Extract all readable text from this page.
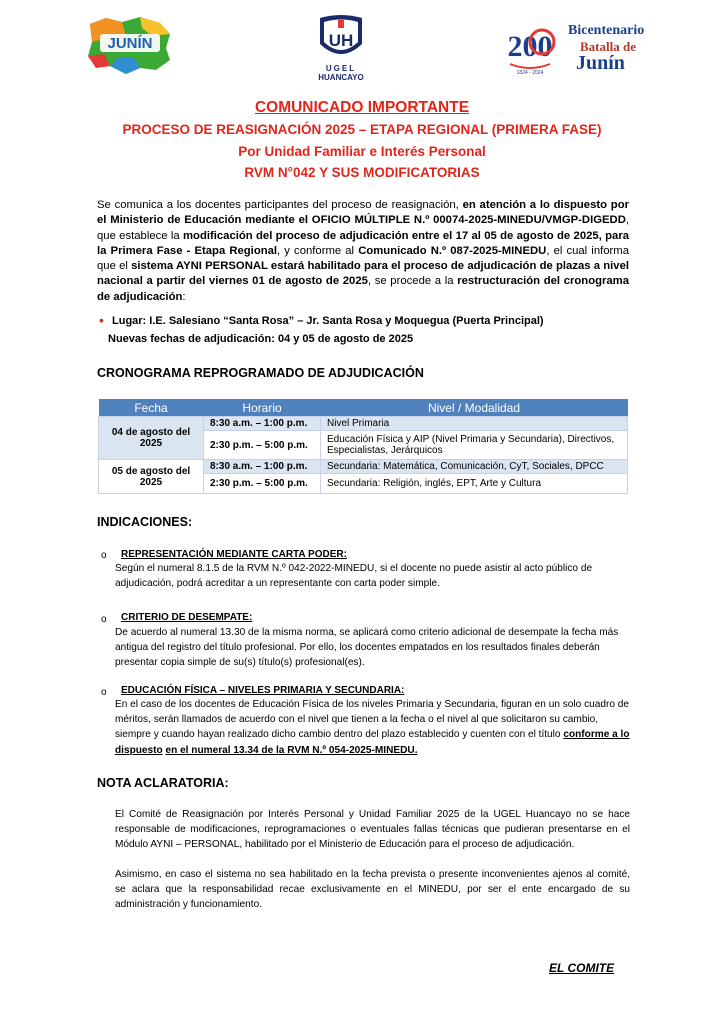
JUNÍN	UH
UGEL
HUANCAYO
200
1824 - 2024
Bicentenario
Batalla de
Junín
COMUNICADO IMPORTANTE
PROCESO DE REASIGNACIÓN 2025 – ETAPA REGIONAL (PRIMERA FASE)
Por Unidad Familiar e Interés Personal
RVM N°042 Y SUS MODIFICATORIAS
Se comunica a los docentes participantes del proceso de reasignación, en atención a lo dispuesto por el Ministerio de Educación mediante el OFICIO MÚLTIPLE N.º 00074-2025-MINEDU/VMGP-DIGEDD, que establece la modificación del proceso de adjudicación entre el 17 al 05 de agosto de 2025, para la Primera Fase - Etapa Regional, y conforme al Comunicado N.º 087-2025-MINEDU, el cual informa que el sistema AYNI PERSONAL estará habilitado para el proceso de adjudicación de plazas a nivel nacional a partir del viernes 01 de agosto de 2025, se procede a la restructuración del cronograma de adjudicación:
• Lugar: I.E. Salesiano “Santa Rosa” – Jr. Santa Rosa y Moquegua (Puerta Principal)
Nuevas fechas de adjudicación: 04 y 05 de agosto de 2025
CRONOGRAMA REPROGRAMADO DE ADJUDICACIÓN
Fecha	Horario	Nivel / Modalidad
04 de agosto del 2025	8:30 a.m. – 1:00 p.m.	Nivel Primaria
	2:30 p.m. – 5:00 p.m.	Educación Física y AIP (Nivel Primaria y Secundaria), Directivos, Especialistas, Jerárquicos
05 de agosto del 2025	8:30 a.m. – 1:00 p.m.	Secundaria: Matemática, Comunicación, CyT, Sociales, DPCC
	2:30 p.m. – 5:00 p.m.	Secundaria: Religión, inglés, EPT, Arte y Cultura
INDICACIONES:
o REPRESENTACIÓN MEDIANTE CARTA PODER:
Según el numeral 8.1.5 de la RVM N.º 042-2022-MINEDU, si el docente no puede asistir al acto público de adjudicación, podrá acreditar a un representante con carta poder simple.
o CRITERIO DE DESEMPATE:
De acuerdo al numeral 13.30 de la misma norma, se aplicará como criterio adicional de desempate la fecha más antigua del registro del título profesional. Por ello, los docentes empatados en los resultados finales deberán presentar copia simple de su(s) título(s) profesional(es).
o EDUCACIÓN FÍSICA – NIVELES PRIMARIA Y SECUNDARIA:
En el caso de los docentes de Educación Física de los niveles Primaria y Secundaria, figuran en un solo cuadro de méritos, serán llamados de acuerdo con el nivel que tienen a la fecha o el nivel al que solicitaron su cambio, siempre y cuando hayan realizado dicho cambio dentro del plazo establecido y cuenten con el título conforme a lo dispuesto en el numeral 13.34 de la RVM N.º 054-2025-MINEDU.
NOTA ACLARATORIA:
El Comité de Reasignación por Interés Personal y Unidad Familiar 2025 de la UGEL Huancayo no se hace responsable de modificaciones, reprogramaciones o eventuales fallas técnicas que pudieran presentarse en el Módulo AYNI – PERSONAL, habilitado por el Ministerio de Educación para el proceso de adjudicación.
Asimismo, en caso el sistema no sea habilitado en la fecha prevista o presente inconvenientes ajenos al comité, se aclara que la responsabilidad recae exclusivamente en el MINEDU, por ser el ente encargado de su administración y funcionamiento.
EL COMITE
